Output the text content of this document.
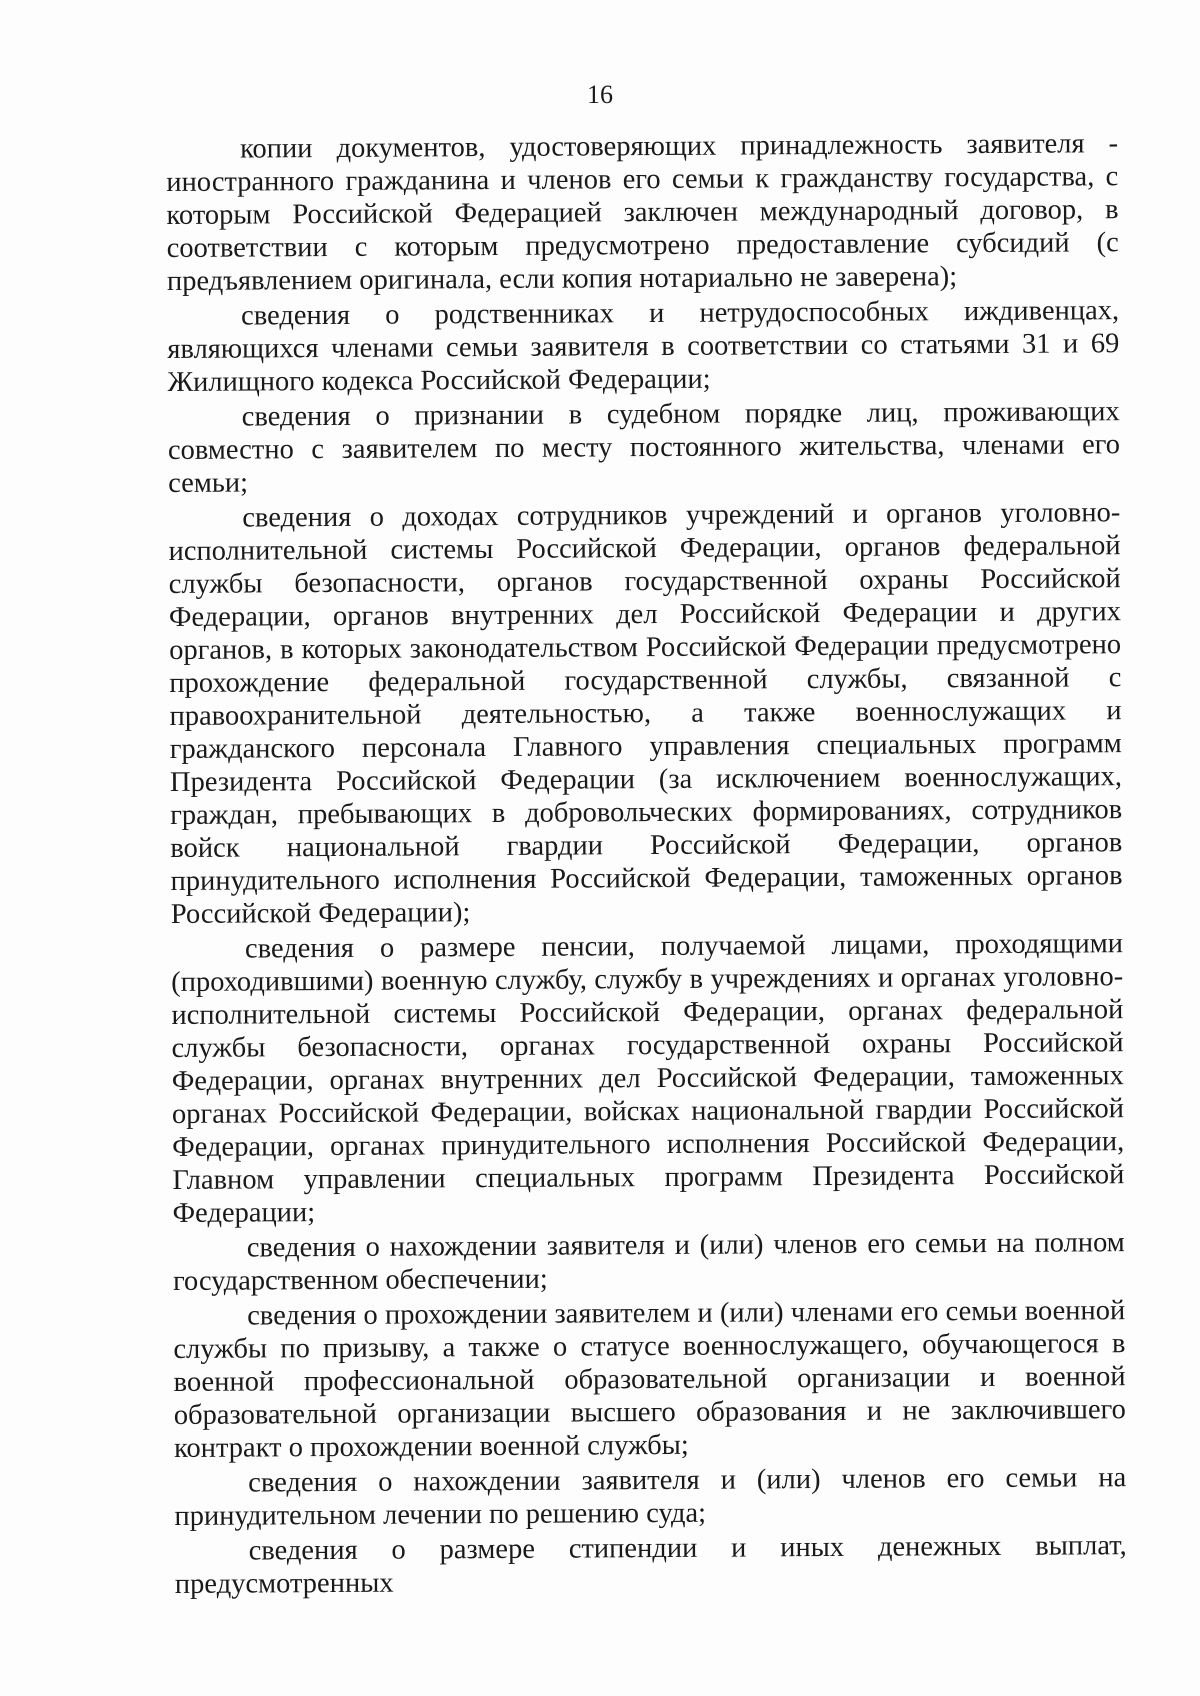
16

копии документов, удостоверяющих принадлежность заявителя - иностранного гражданина и членов его семьи к гражданству государства, с которым Российской Федерацией заключен международный договор, в соответствии с которым предусмотрено предоставление субсидий (с предъявлением оригинала, если копия нотариально не заверена);

сведения о родственниках и нетрудоспособных иждивенцах, являющихся членами семьи заявителя в соответствии со статьями 31 и 69 Жилищного кодекса Российской Федерации;

сведения о признании в судебном порядке лиц, проживающих совместно с заявителем по месту постоянного жительства, членами его семьи;

сведения о доходах сотрудников учреждений и органов уголовно-исполнительной системы Российской Федерации, органов федеральной службы безопасности, органов государственной охраны Российской Федерации, органов внутренних дел Российской Федерации и других органов, в которых законодательством Российской Федерации предусмотрено прохождение федеральной государственной службы, связанной с правоохранительной деятельностью, а также военнослужащих и гражданского персонала Главного управления специальных программ Президента Российской Федерации (за исключением военнослужащих, граждан, пребывающих в добровольческих формированиях, сотрудников войск национальной гвардии Российской Федерации, органов принудительного исполнения Российской Федерации, таможенных органов Российской Федерации);

сведения о размере пенсии, получаемой лицами, проходящими (проходившими) военную службу, службу в учреждениях и органах уголовно-исполнительной системы Российской Федерации, органах федеральной службы безопасности, органах государственной охраны Российской Федерации, органах внутренних дел Российской Федерации, таможенных органах Российской Федерации, войсках национальной гвардии Российской Федерации, органах принудительного исполнения Российской Федерации, Главном управлении специальных программ Президента Российской Федерации;

сведения о нахождении заявителя и (или) членов его семьи на полном государственном обеспечении;

сведения о прохождении заявителем и (или) членами его семьи военной службы по призыву, а также о статусе военнослужащего, обучающегося в военной профессиональной образовательной организации и военной образовательной организации высшего образования и не заключившего контракт о прохождении военной службы;

сведения о нахождении заявителя и (или) членов его семьи на принудительном лечении по решению суда;

сведения о размере стипендии и иных денежных выплат, предусмотренных
